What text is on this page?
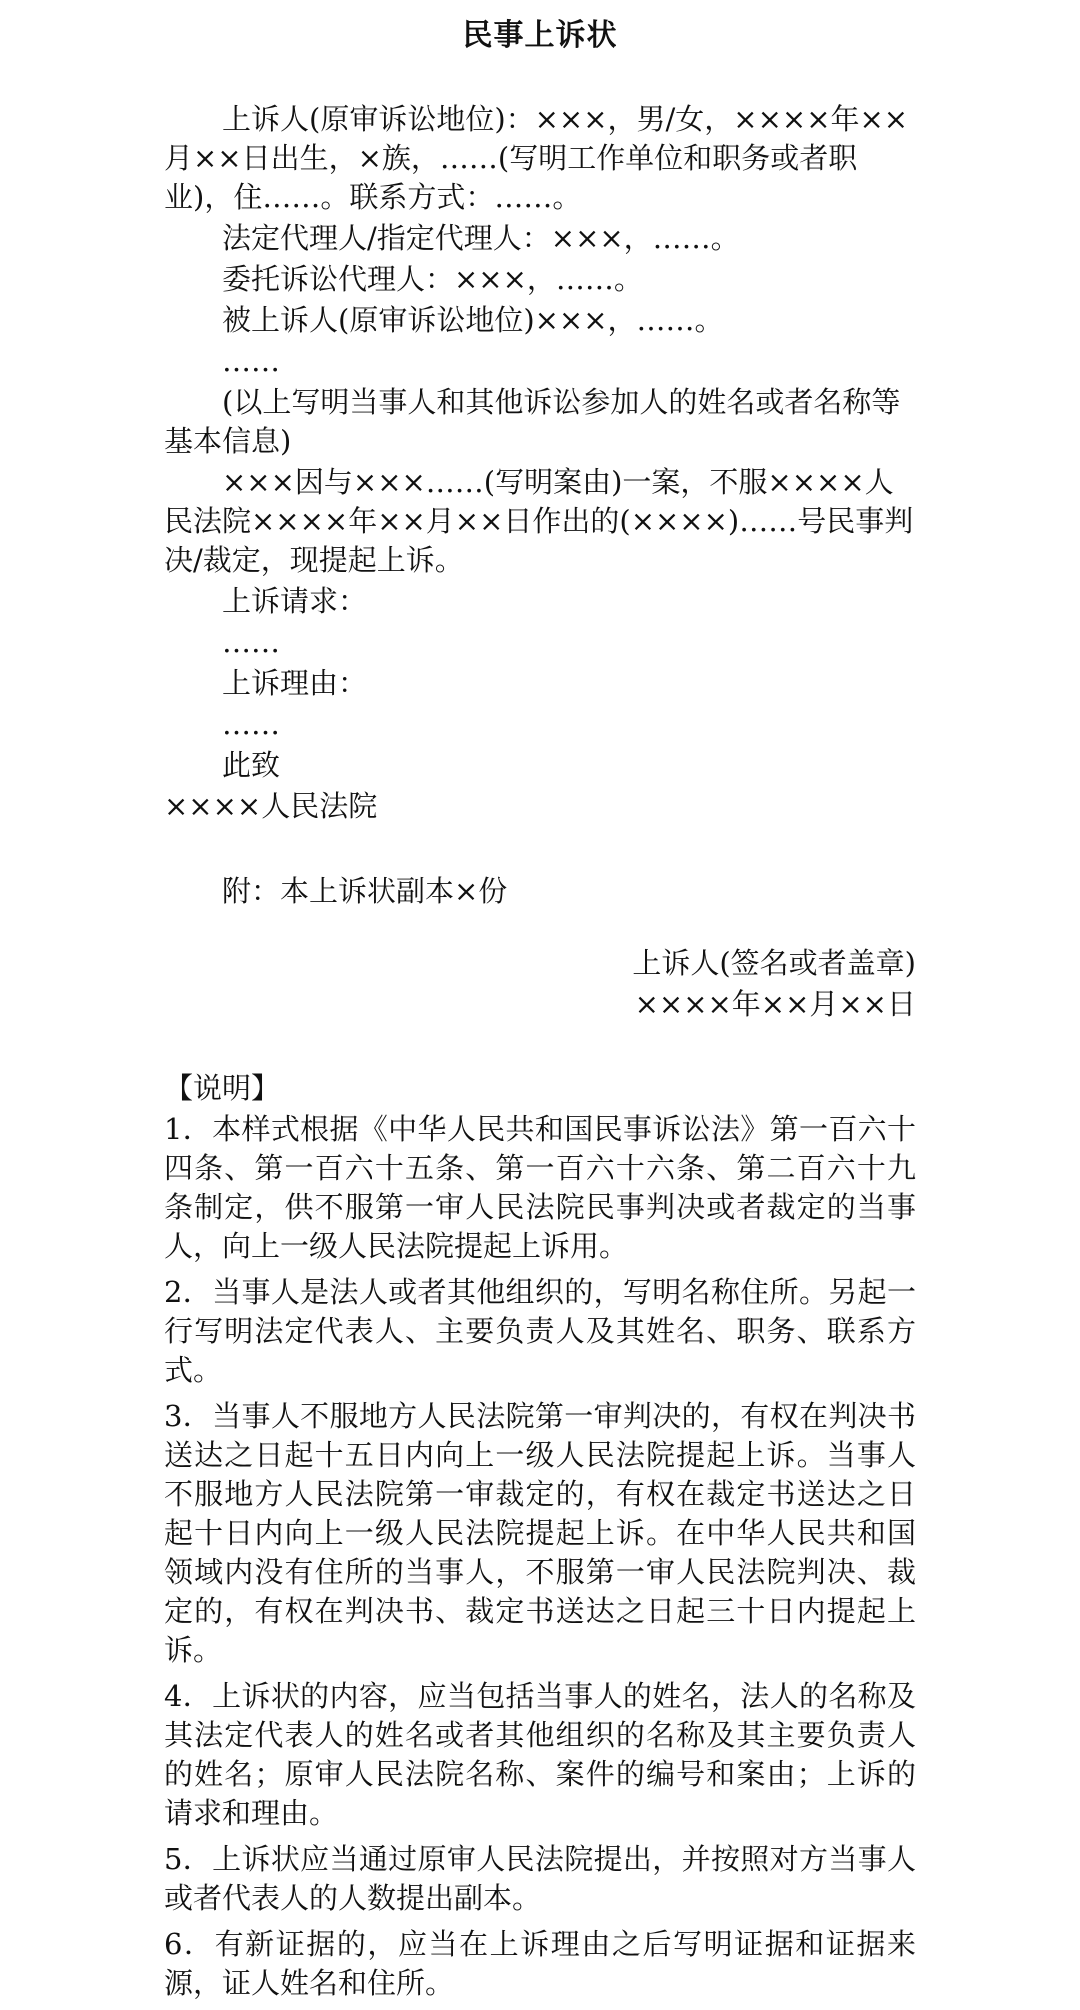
民事上诉状

上诉人(原审诉讼地位)：×××，男/女，××××年××月××日出生，×族，……(写明工作单位和职务或者职业)，住……。联系方式：……。

法定代理人/指定代理人：×××，……。

委托诉讼代理人：×××，……。

被上诉人(原审诉讼地位)×××，……。

……

(以上写明当事人和其他诉讼参加人的姓名或者名称等基本信息)

×××因与×××……(写明案由)一案，不服××××人民法院××××年××月××日作出的(××××)……号民事判决/裁定，现提起上诉。

上诉请求：

……

上诉理由：

……

此致

××××人民法院

附：本上诉状副本×份

上诉人(签名或者盖章)
××××年××月××日

【说明】

1．本样式根据《中华人民共和国民事诉讼法》第一百六十四条、第一百六十五条、第一百六十六条、第二百六十九条制定，供不服第一审人民法院民事判决或者裁定的当事人，向上一级人民法院提起上诉用。

2．当事人是法人或者其他组织的，写明名称住所。另起一行写明法定代表人、主要负责人及其姓名、职务、联系方式。

3．当事人不服地方人民法院第一审判决的，有权在判决书送达之日起十五日内向上一级人民法院提起上诉。当事人不服地方人民法院第一审裁定的，有权在裁定书送达之日起十日内向上一级人民法院提起上诉。在中华人民共和国领域内没有住所的当事人，不服第一审人民法院判决、裁定的，有权在判决书、裁定书送达之日起三十日内提起上诉。

4．上诉状的内容，应当包括当事人的姓名，法人的名称及其法定代表人的姓名或者其他组织的名称及其主要负责人的姓名；原审人民法院名称、案件的编号和案由；上诉的请求和理由。

5．上诉状应当通过原审人民法院提出，并按照对方当事人或者代表人的人数提出副本。

6．有新证据的，应当在上诉理由之后写明证据和证据来源，证人姓名和住所。
